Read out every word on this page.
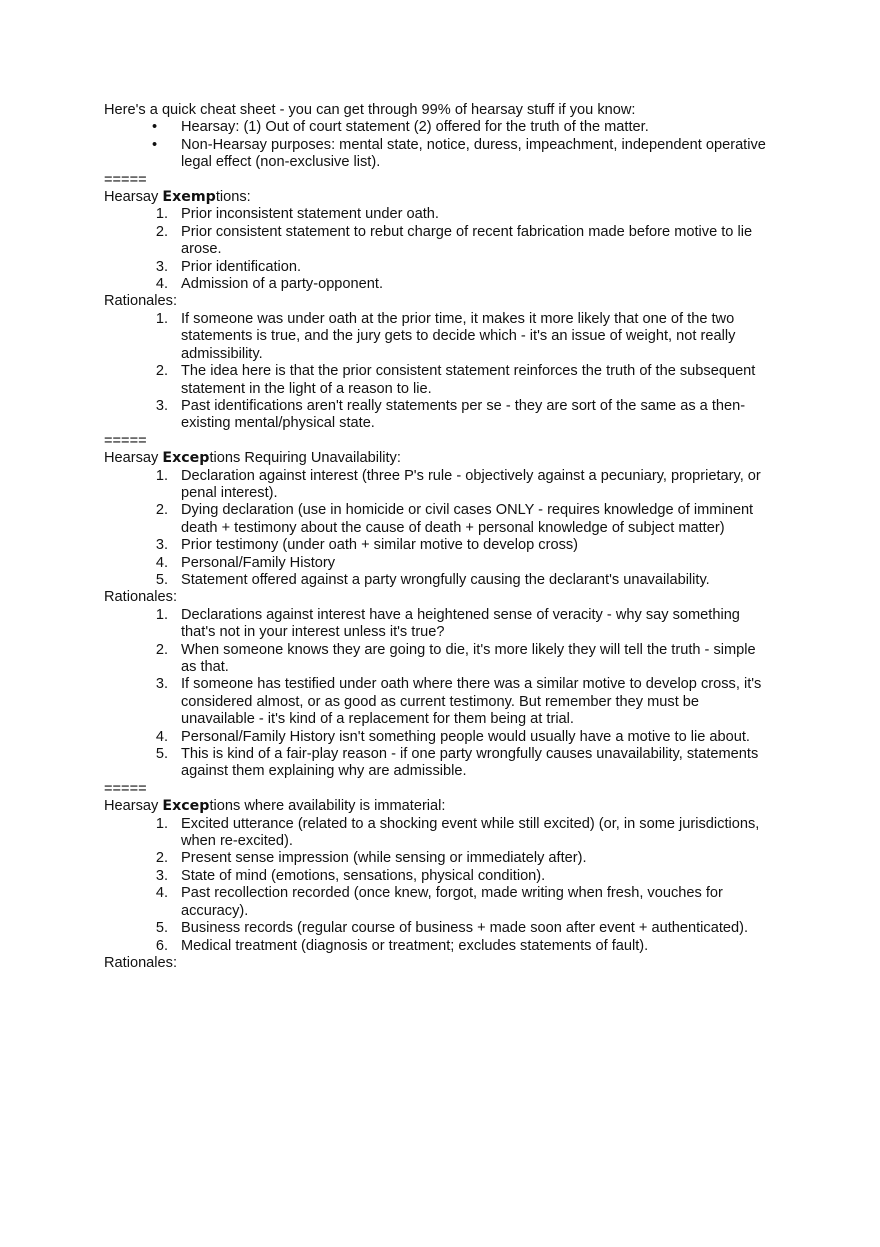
Here's a quick cheat sheet - you can get through 99% of hearsay stuff if you know:

• Hearsay: (1) Out of court statement (2) offered for the truth of the matter.
• Non-Hearsay purposes: mental state, notice, duress, impeachment, independent operative legal effect (non-exclusive list).

=====

Hearsay Exemptions:

1. Prior inconsistent statement under oath.
2. Prior consistent statement to rebut charge of recent fabrication made before motive to lie arose.
3. Prior identification.
4. Admission of a party-opponent.

Rationales:

1. If someone was under oath at the prior time, it makes it more likely that one of the two statements is true, and the jury gets to decide which - it's an issue of weight, not really admissibility.
2. The idea here is that the prior consistent statement reinforces the truth of the subsequent statement in the light of a reason to lie.
3. Past identifications aren't really statements per se - they are sort of the same as a then-existing mental/physical state.

=====

Hearsay Exceptions Requiring Unavailability:

1. Declaration against interest (three P's rule - objectively against a pecuniary, proprietary, or penal interest).
2. Dying declaration (use in homicide or civil cases ONLY - requires knowledge of imminent death + testimony about the cause of death + personal knowledge of subject matter)
3. Prior testimony (under oath + similar motive to develop cross)
4. Personal/Family History
5. Statement offered against a party wrongfully causing the declarant's unavailability.

Rationales:

1. Declarations against interest have a heightened sense of veracity - why say something that's not in your interest unless it's true?
2. When someone knows they are going to die, it's more likely they will tell the truth - simple as that.
3. If someone has testified under oath where there was a similar motive to develop cross, it's considered almost, or as good as current testimony. But remember they must be unavailable - it's kind of a replacement for them being at trial.
4. Personal/Family History isn't something people would usually have a motive to lie about.
5. This is kind of a fair-play reason - if one party wrongfully causes unavailability, statements against them explaining why are admissible.

=====

Hearsay Exceptions where availability is immaterial:

1. Excited utterance (related to a shocking event while still excited) (or, in some jurisdictions, when re-excited).
2. Present sense impression (while sensing or immediately after).
3. State of mind (emotions, sensations, physical condition).
4. Past recollection recorded (once knew, forgot, made writing when fresh, vouches for accuracy).
5. Business records (regular course of business + made soon after event + authenticated).
6. Medical treatment (diagnosis or treatment; excludes statements of fault).

Rationales:
